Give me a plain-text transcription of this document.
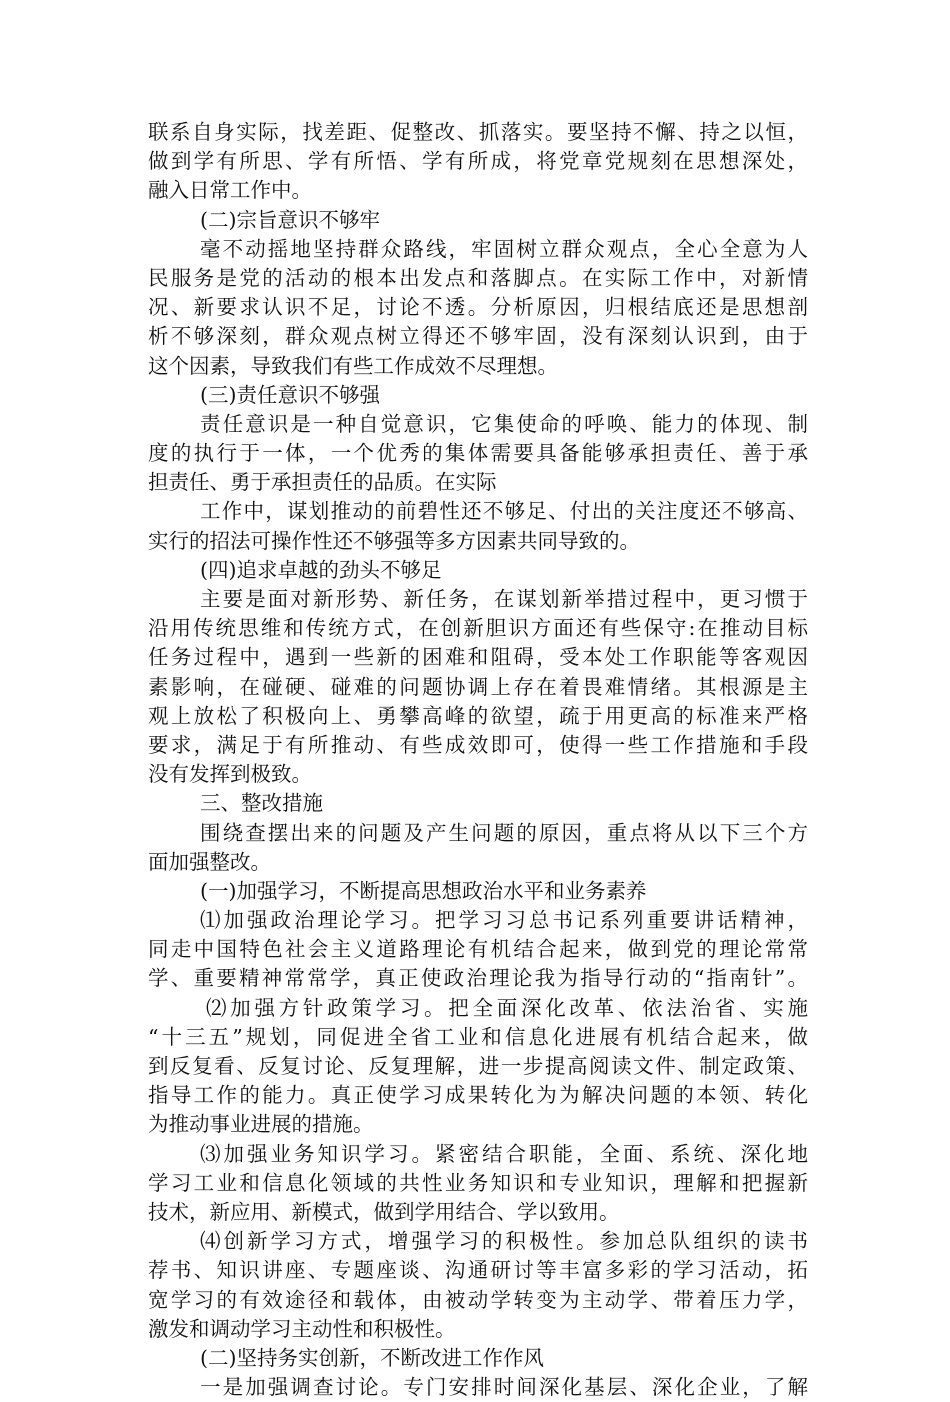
联系自身实际，找差距、促整改、抓落实。要坚持不懈、持之以恒，
做到学有所思、学有所悟、学有所成，将党章党规刻在思想深处，
融入日常工作中。
(二)宗旨意识不够牢
毫不动摇地坚持群众路线，牢固树立群众观点，全心全意为人
民服务是党的活动的根本出发点和落脚点。在实际工作中，对新情
况、新要求认识不足，讨论不透。分析原因，归根结底还是思想剖
析不够深刻，群众观点树立得还不够牢固，没有深刻认识到，由于
这个因素，导致我们有些工作成效不尽理想。
(三)责任意识不够强
责任意识是一种自觉意识，它集使命的呼唤、能力的体现、制
度的执行于一体，一个优秀的集体需要具备能够承担责任、善于承
担责任、勇于承担责任的品质。在实际
工作中，谋划推动的前碧性还不够足、付出的关注度还不够高、
实行的招法可操作性还不够强等多方因素共同导致的。
(四)追求卓越的劲头不够足
主要是面对新形势、新任务，在谋划新举措过程中，更习惯于
沿用传统思维和传统方式，在创新胆识方面还有些保守:在推动目标
任务过程中，遇到一些新的困难和阻碍，受本处工作职能等客观因
素影响，在碰硬、碰难的问题协调上存在着畏难情绪。其根源是主
观上放松了积极向上、勇攀高峰的欲望，疏于用更高的标准来严格
要求，满足于有所推动、有些成效即可，使得一些工作措施和手段
没有发挥到极致。
三、整改措施
围绕查摆出来的问题及产生问题的原因，重点将从以下三个方
面加强整改。
(一)加强学习，不断提高思想政治水平和业务素养
⑴加强政治理论学习。把学习习总书记系列重要讲话精神，
同走中国特色社会主义道路理论有机结合起来，做到党的理论常常
学、重要精神常常学，真正使政治理论我为指导行动的“指南针”。
⑵加强方针政策学习。把全面深化改革、依法治省、实施
“十三五”规划，同促进全省工业和信息化进展有机结合起来，做
到反复看、反复讨论、反复理解，进一步提高阅读文件、制定政策、
指导工作的能力。真正使学习成果转化为为解决问题的本领、转化
为推动事业进展的措施。
⑶加强业务知识学习。紧密结合职能，全面、系统、深化地
学习工业和信息化领域的共性业务知识和专业知识，理解和把握新
技术，新应用、新模式，做到学用结合、学以致用。
⑷创新学习方式，增强学习的积极性。参加总队组织的读书
荐书、知识讲座、专题座谈、沟通研讨等丰富多彩的学习活动，拓
宽学习的有效途径和载体，由被动学转变为主动学、带着压力学，
激发和调动学习主动性和积极性。
(二)坚持务实创新，不断改进工作作风
一是加强调查讨论。专门安排时间深化基层、深化企业，了解
